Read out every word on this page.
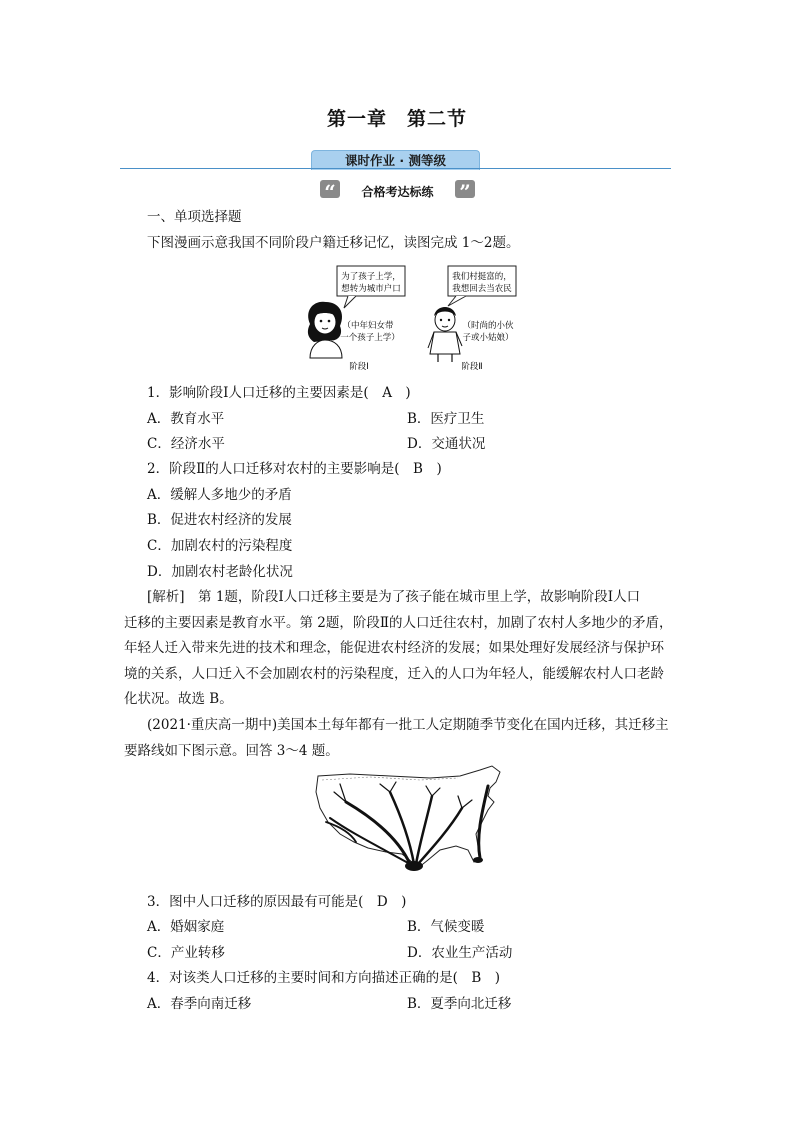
第一章　第二节
课时作业 · 测等级
“	合格考达标练	”
一、单项选择题
下图漫画示意我国不同阶段户籍迁移记忆，读图完成 1～2题。
为了孩子上学，
想转为城市户口
（中年妇女带
一个孩子上学）
阶段Ⅰ
我们村挺富的，
我想回去当农民
（时尚的小伙
子或小姑娘）
阶段Ⅱ
1．影响阶段Ⅰ人口迁移的主要因素是(　A　)
A．教育水平	B．医疗卫生
C．经济水平	D．交通状况
2．阶段Ⅱ的人口迁移对农村的主要影响是(　B　)
A．缓解人多地少的矛盾
B．促进农村经济的发展
C．加剧农村的污染程度
D．加剧农村老龄化状况
[解析]　第 1题，阶段Ⅰ人口迁移主要是为了孩子能在城市里上学，故影响阶段Ⅰ人口
迁移的主要因素是教育水平。第 2题，阶段Ⅱ的人口迁往农村，加剧了农村人多地少的矛盾，
年轻人迁入带来先进的技术和理念，能促进农村经济的发展；如果处理好发展经济与保护环
境的关系，人口迁入不会加剧农村的污染程度，迁入的人口为年轻人，能缓解农村人口老龄
化状况。故选 B。
(2021·重庆高一期中)美国本土每年都有一批工人定期随季节变化在国内迁移，其迁移主
要路线如下图示意。回答 3～4 题。
3．图中人口迁移的原因最有可能是(　D　)
A．婚姻家庭	B．气候变暖
C．产业转移	D．农业生产活动
4．对该类人口迁移的主要时间和方向描述正确的是(　B　)
A．春季向南迁移	B．夏季向北迁移
